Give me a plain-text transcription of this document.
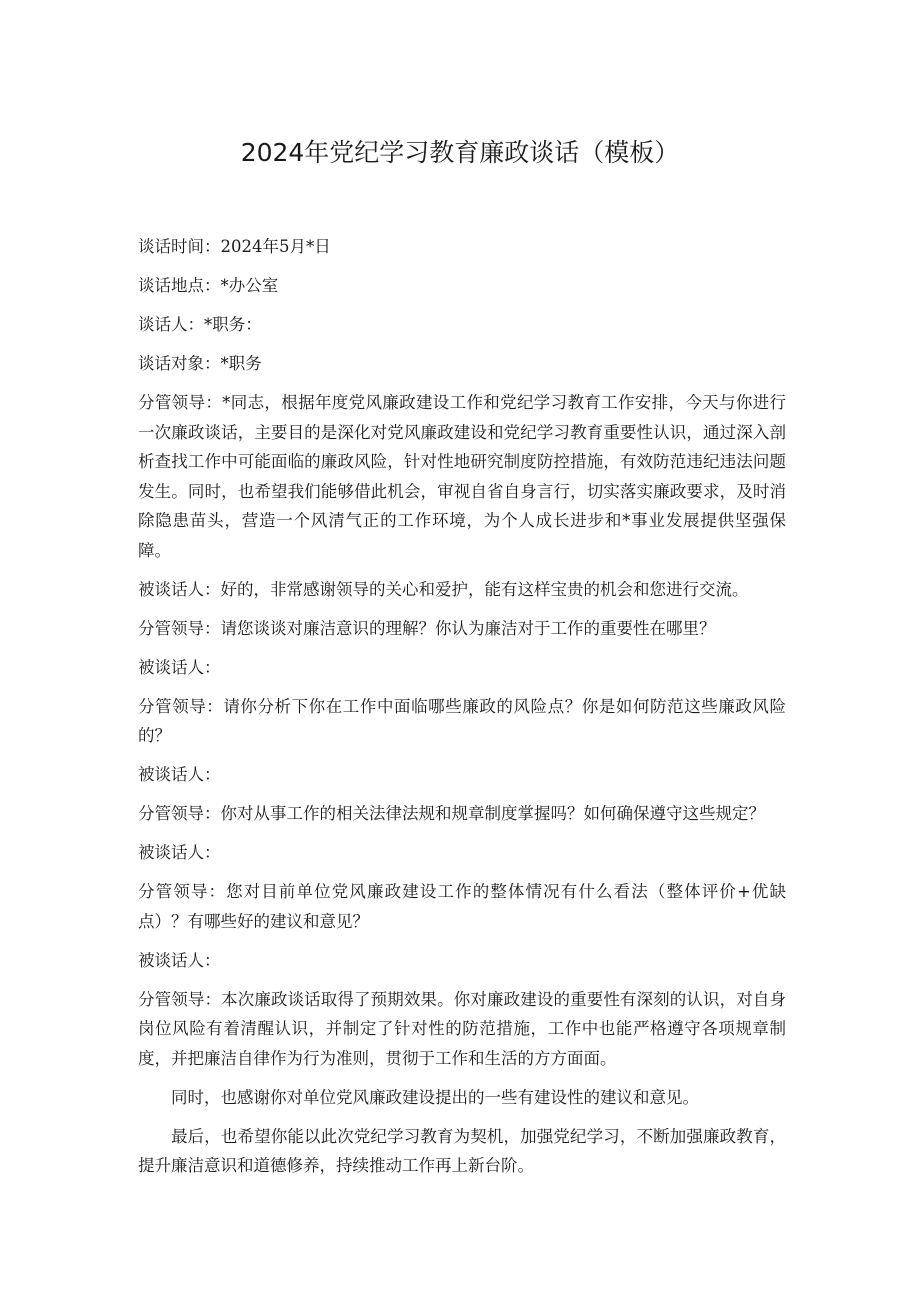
2024年党纪学习教育廉政谈话（模板）

谈话时间：2024年5月*日

谈话地点：*办公室

谈话人：*职务：

谈话对象：*职务

分管领导：*同志，根据年度党风廉政建设工作和党纪学习教育工作安排，今天与你进行一次廉政谈话，主要目的是深化对党风廉政建设和党纪学习教育重要性认识，通过深入剖析查找工作中可能面临的廉政风险，针对性地研究制度防控措施，有效防范违纪违法问题发生。同时，也希望我们能够借此机会，审视自省自身言行，切实落实廉政要求，及时消除隐患苗头，营造一个风清气正的工作环境，为个人成长进步和*事业发展提供坚强保障。

被谈话人：好的，非常感谢领导的关心和爱护，能有这样宝贵的机会和您进行交流。

分管领导：请您谈谈对廉洁意识的理解？你认为廉洁对于工作的重要性在哪里？

被谈话人：

分管领导：请你分析下你在工作中面临哪些廉政的风险点？你是如何防范这些廉政风险的？

被谈话人：

分管领导：你对从事工作的相关法律法规和规章制度掌握吗？如何确保遵守这些规定？

被谈话人：

分管领导：您对目前单位党风廉政建设工作的整体情况有什么看法（整体评价+优缺点）？有哪些好的建议和意见？

被谈话人：

分管领导：本次廉政谈话取得了预期效果。你对廉政建设的重要性有深刻的认识，对自身岗位风险有着清醒认识，并制定了针对性的防范措施，工作中也能严格遵守各项规章制度，并把廉洁自律作为行为准则，贯彻于工作和生活的方方面面。

同时，也感谢你对单位党风廉政建设提出的一些有建设性的建议和意见。

最后，也希望你能以此次党纪学习教育为契机，加强党纪学习，不断加强廉政教育，提升廉洁意识和道德修养，持续推动工作再上新台阶。
